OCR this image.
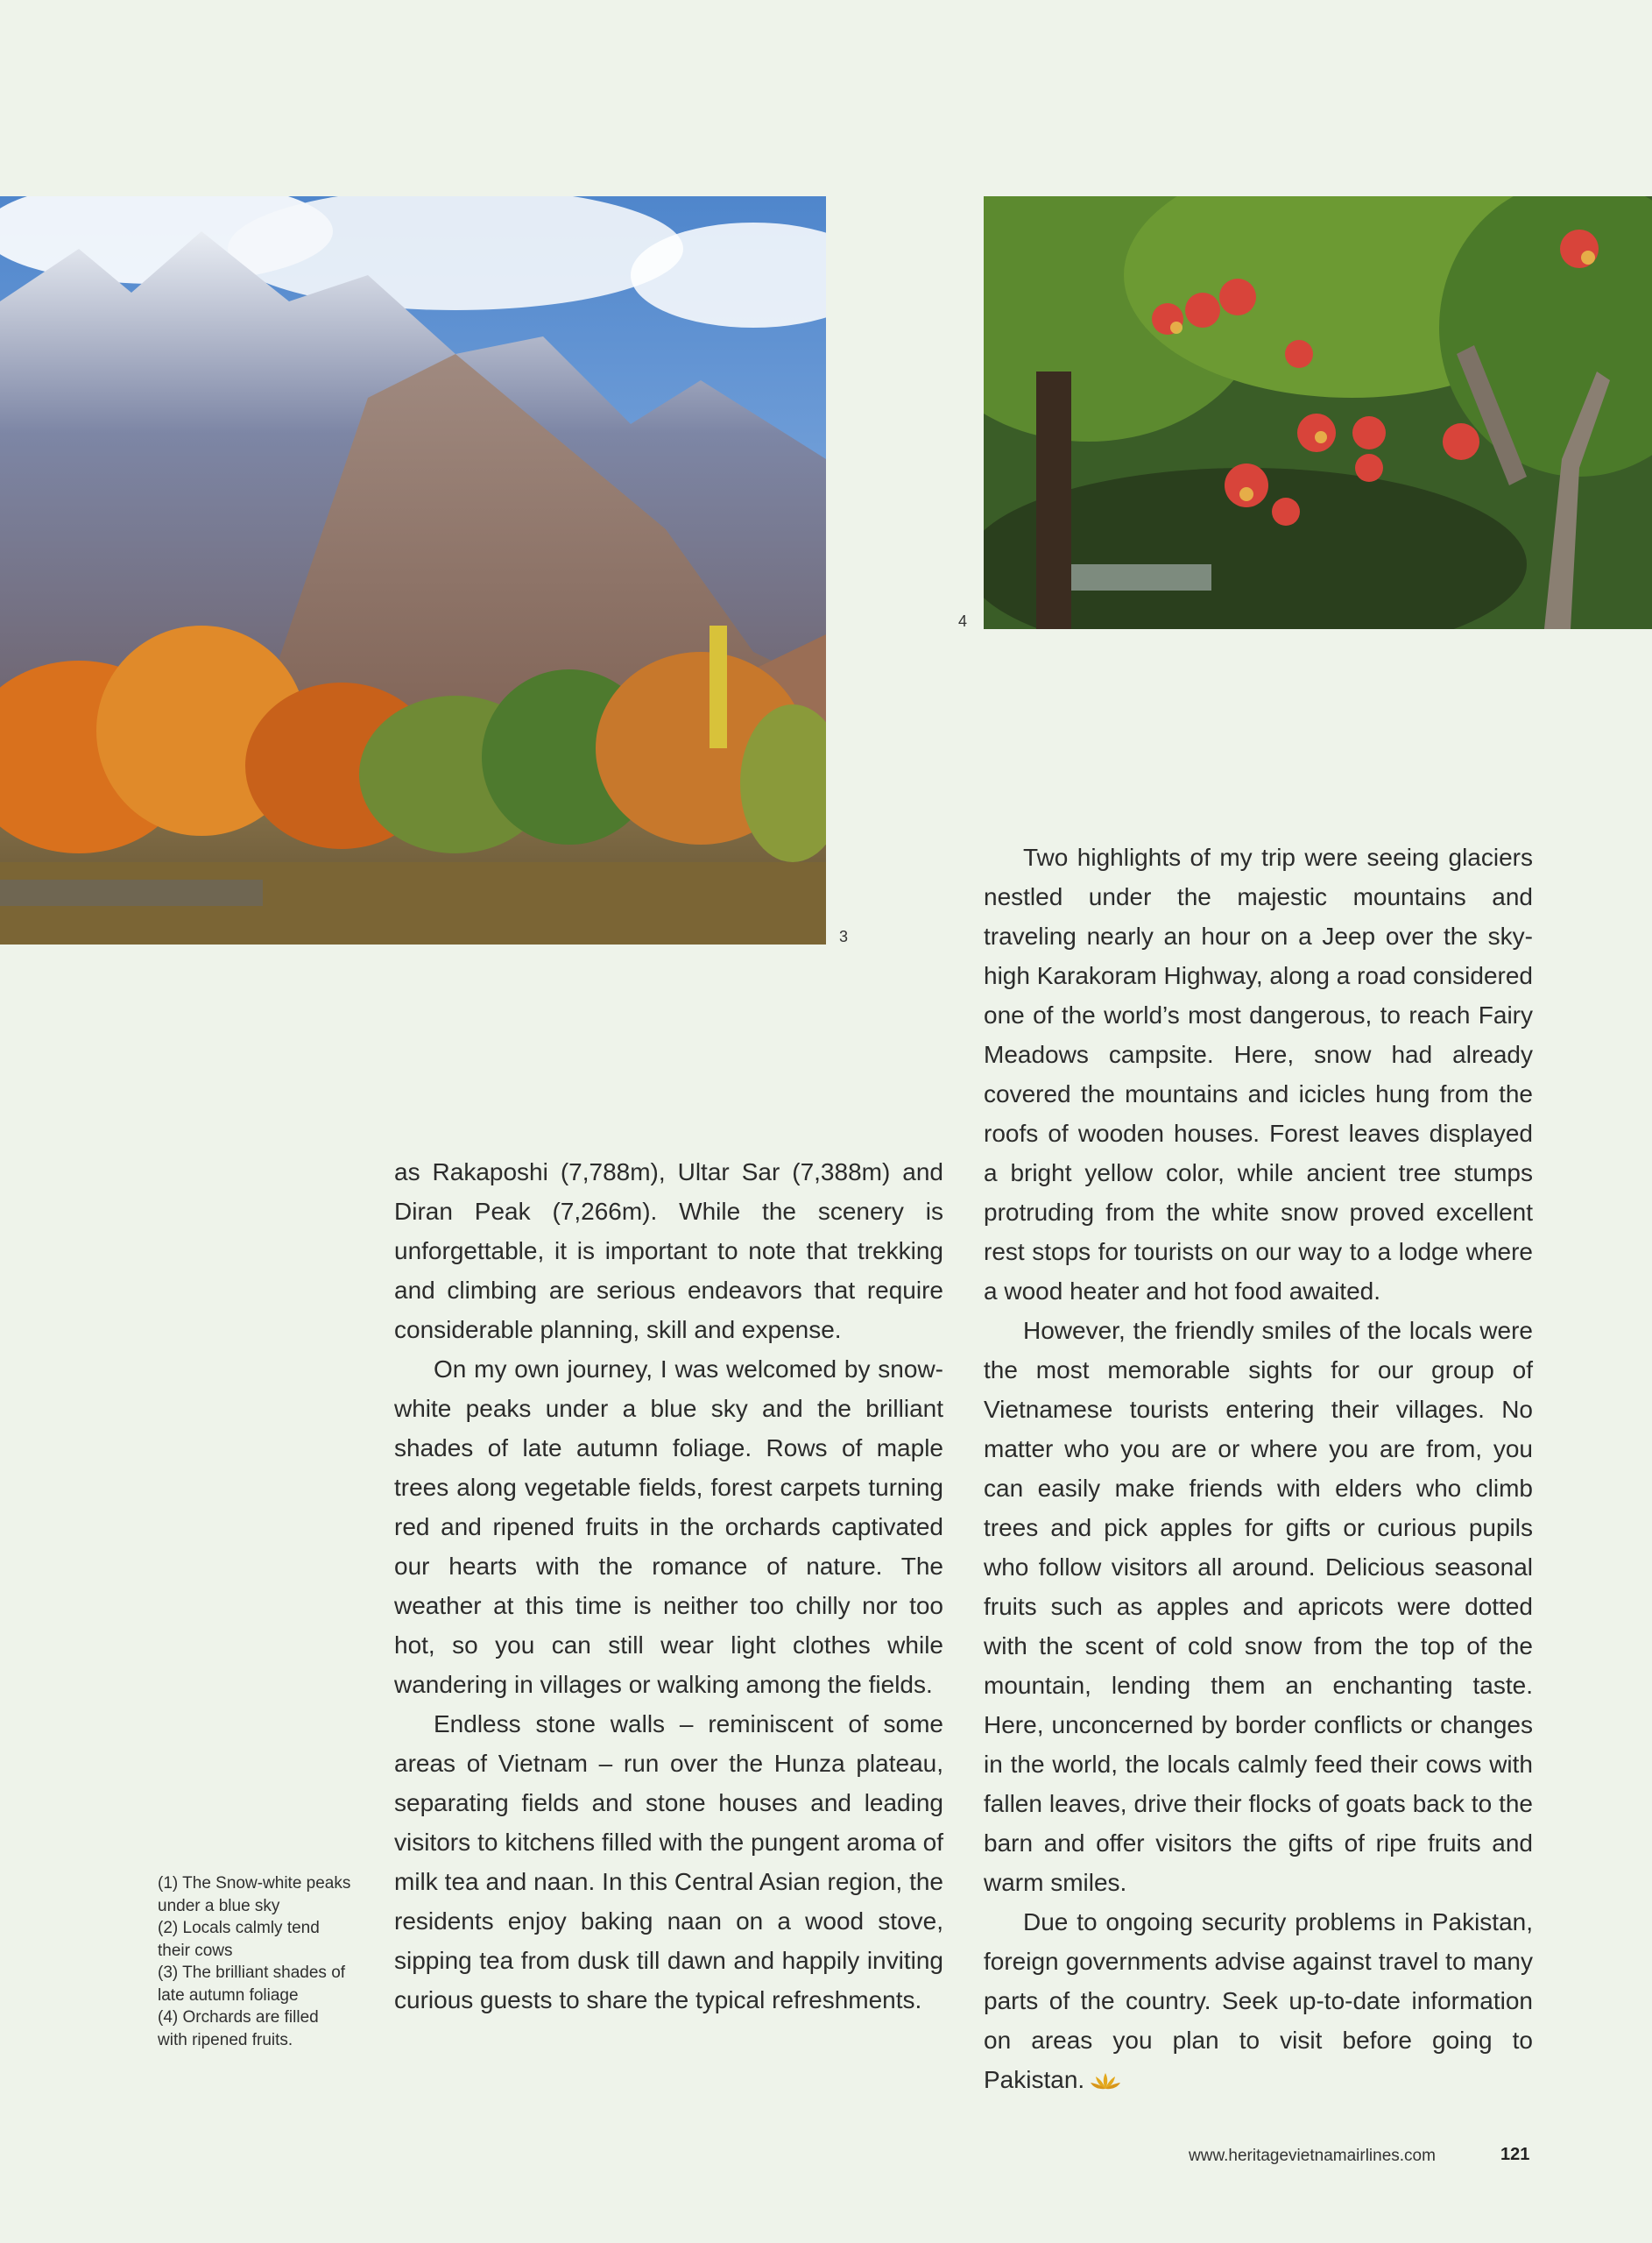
3
4

as Rakaposhi (7,788m), Ultar Sar (7,388m) and Diran Peak (7,266m). While the scenery is unforgettable, it is important to note that trekking and climbing are serious endeavors that require considerable planning, skill and expense.

On my own journey, I was welcomed by snow-white peaks under a blue sky and the brilliant shades of late autumn foliage. Rows of maple trees along vegetable fields, forest carpets turning red and ripened fruits in the orchards captivated our hearts with the romance of nature. The weather at this time is neither too chilly nor too hot, so you can still wear light clothes while wandering in villages or walking among the fields.

Endless stone walls – reminiscent of some areas of Vietnam – run over the Hunza plateau, separating fields and stone houses and leading visitors to kitchens filled with the pungent aroma of milk tea and naan. In this Central Asian region, the residents enjoy baking naan on a wood stove, sipping tea from dusk till dawn and happily inviting curious guests to share the typical refreshments.

Two highlights of my trip were seeing glaciers nestled under the majestic mountains and traveling nearly an hour on a Jeep over the sky-high Karakoram Highway, along a road considered one of the world’s most dangerous, to reach Fairy Meadows campsite. Here, snow had already covered the mountains and icicles hung from the roofs of wooden houses. Forest leaves displayed a bright yellow color, while ancient tree stumps protruding from the white snow proved excellent rest stops for tourists on our way to a lodge where a wood heater and hot food awaited.

However, the friendly smiles of the locals were the most memorable sights for our group of Vietnamese tourists entering their villages. No matter who you are or where you are from, you can easily make friends with elders who climb trees and pick apples for gifts or curious pupils who follow visitors all around. Delicious seasonal fruits such as apples and apricots were dotted with the scent of cold snow from the top of the mountain, lending them an enchanting taste. Here, unconcerned by border conflicts or changes in the world, the locals calmly feed their cows with fallen leaves, drive their flocks of goats back to the barn and offer visitors the gifts of ripe fruits and warm smiles.

Due to ongoing security problems in Pakistan, foreign governments advise against travel to many parts of the country. Seek up-to-date information on areas you plan to visit before going to Pakistan.

(1) The Snow-white peaks under a blue sky
(2) Locals calmly tend their cows
(3) The brilliant shades of late autumn foliage
(4) Orchards are filled with ripened fruits.
www.heritagevietnamairlines.com	121
